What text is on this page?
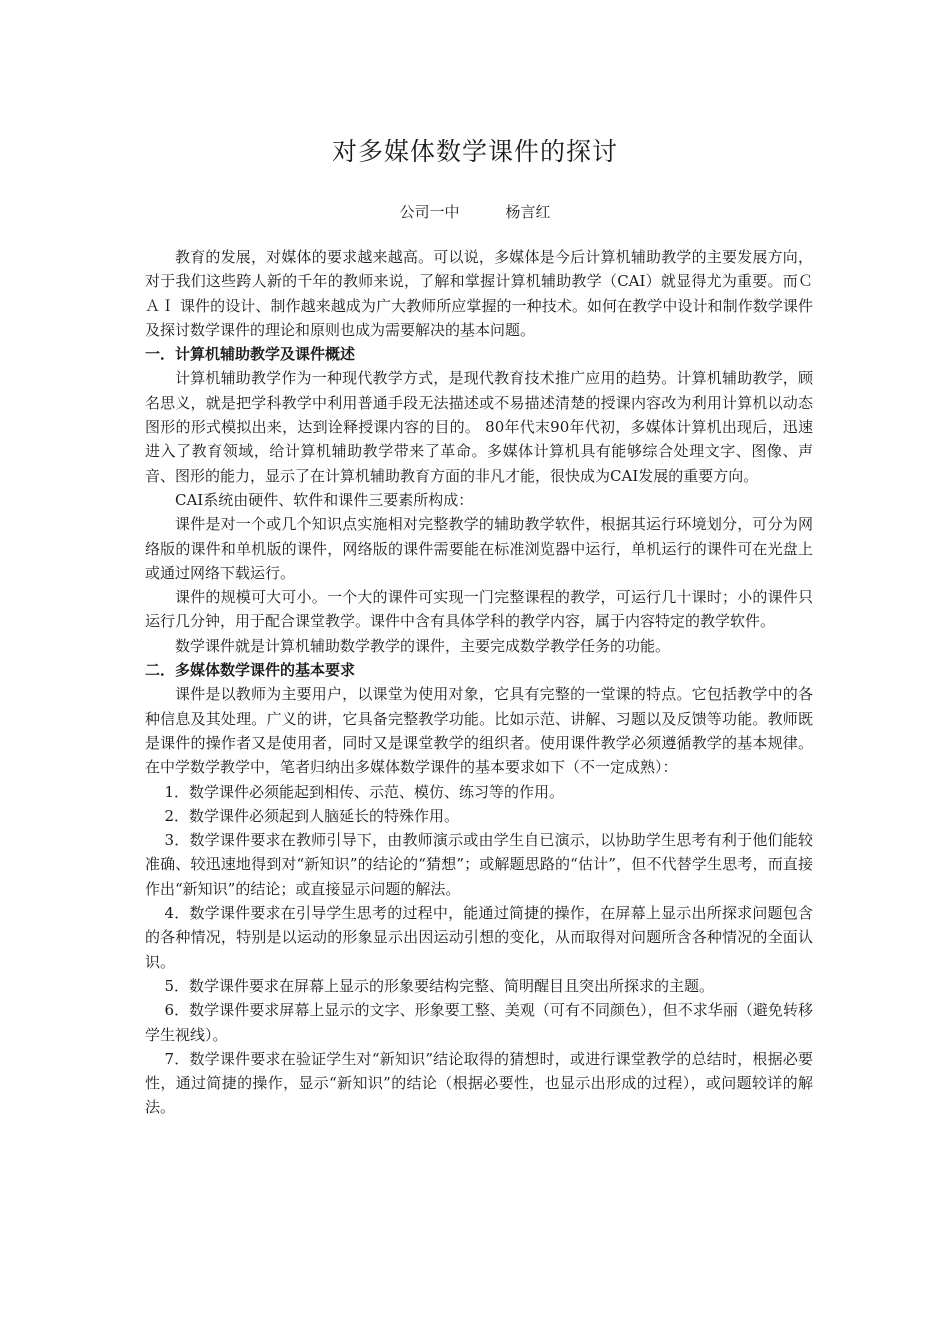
对多媒体数学课件的探讨
公司一中	杨言红

教育的发展，对媒体的要求越来越高。可以说，多媒体是今后计算机辅助教学的主要发展方向，对于我们这些跨人新的千年的教师来说，了解和掌握计算机辅助教学（CAI）就显得尤为重要。而ＣＡＩ 课件的设计、制作越来越成为广大教师所应掌握的一种技术。如何在教学中设计和制作数学课件及探讨数学课件的理论和原则也成为需要解决的基本问题。

一．计算机辅助教学及课件概述

计算机辅助教学作为一种现代教学方式，是现代教育技术推广应用的趋势。计算机辅助教学，顾名思义，就是把学科教学中利用普通手段无法描述或不易描述清楚的授课内容改为利用计算机以动态图形的形式模拟出来，达到诠释授课内容的目的。 80年代末90年代初，多媒体计算机出现后，迅速进入了教育领域，给计算机辅助教学带来了革命。多媒体计算机具有能够综合处理文字、图像、声音、图形的能力，显示了在计算机辅助教育方面的非凡才能，很快成为CAI发展的重要方向。

CAI系统由硬件、软件和课件三要素所构成：

课件是对一个或几个知识点实施相对完整教学的辅助教学软件，根据其运行环境划分，可分为网络版的课件和单机版的课件，网络版的课件需要能在标准浏览器中运行，单机运行的课件可在光盘上或通过网络下载运行。

课件的规模可大可小。一个大的课件可实现一门完整课程的教学，可运行几十课时；小的课件只运行几分钟，用于配合课堂教学。课件中含有具体学科的教学内容，属于内容特定的教学软件。

数学课件就是计算机辅助数学教学的课件，主要完成数学教学任务的功能。

二．多媒体数学课件的基本要求

课件是以教师为主要用户，以课堂为使用对象，它具有完整的一堂课的特点。它包括教学中的各种信息及其处理。广义的讲，它具备完整教学功能。比如示范、讲解、习题以及反馈等功能。教师既是课件的操作者又是使用者，同时又是课堂教学的组织者。使用课件教学必须遵循教学的基本规律。在中学数学教学中，笔者归纳出多媒体数学课件的基本要求如下（不一定成熟）：

1．数学课件必须能起到相传、示范、模仿、练习等的作用。

2．数学课件必须起到人脑延长的特殊作用。

3．数学课件要求在教师引导下，由教师演示或由学生自已演示，以协助学生思考有利于他们能较准确、较迅速地得到对“新知识”的结论的“猜想”；或解题思路的“估计”，但不代替学生思考，而直接作出“新知识”的结论；或直接显示问题的解法。

4．数学课件要求在引导学生思考的过程中，能通过简捷的操作，在屏幕上显示出所探求问题包含的各种情况，特别是以运动的形象显示出因运动引想的变化，从而取得对问题所含各种情况的全面认识。

5．数学课件要求在屏幕上显示的形象要结构完整、简明醒目且突出所探求的主题。

6．数学课件要求屏幕上显示的文字、形象要工整、美观（可有不同颜色），但不求华丽（避免转移学生视线）。

7．数学课件要求在验证学生对“新知识”结论取得的猜想时，或进行课堂教学的总结时，根据必要性，通过简捷的操作，显示“新知识”的结论（根据必要性，也显示出形成的过程），或问题较详的解法。
